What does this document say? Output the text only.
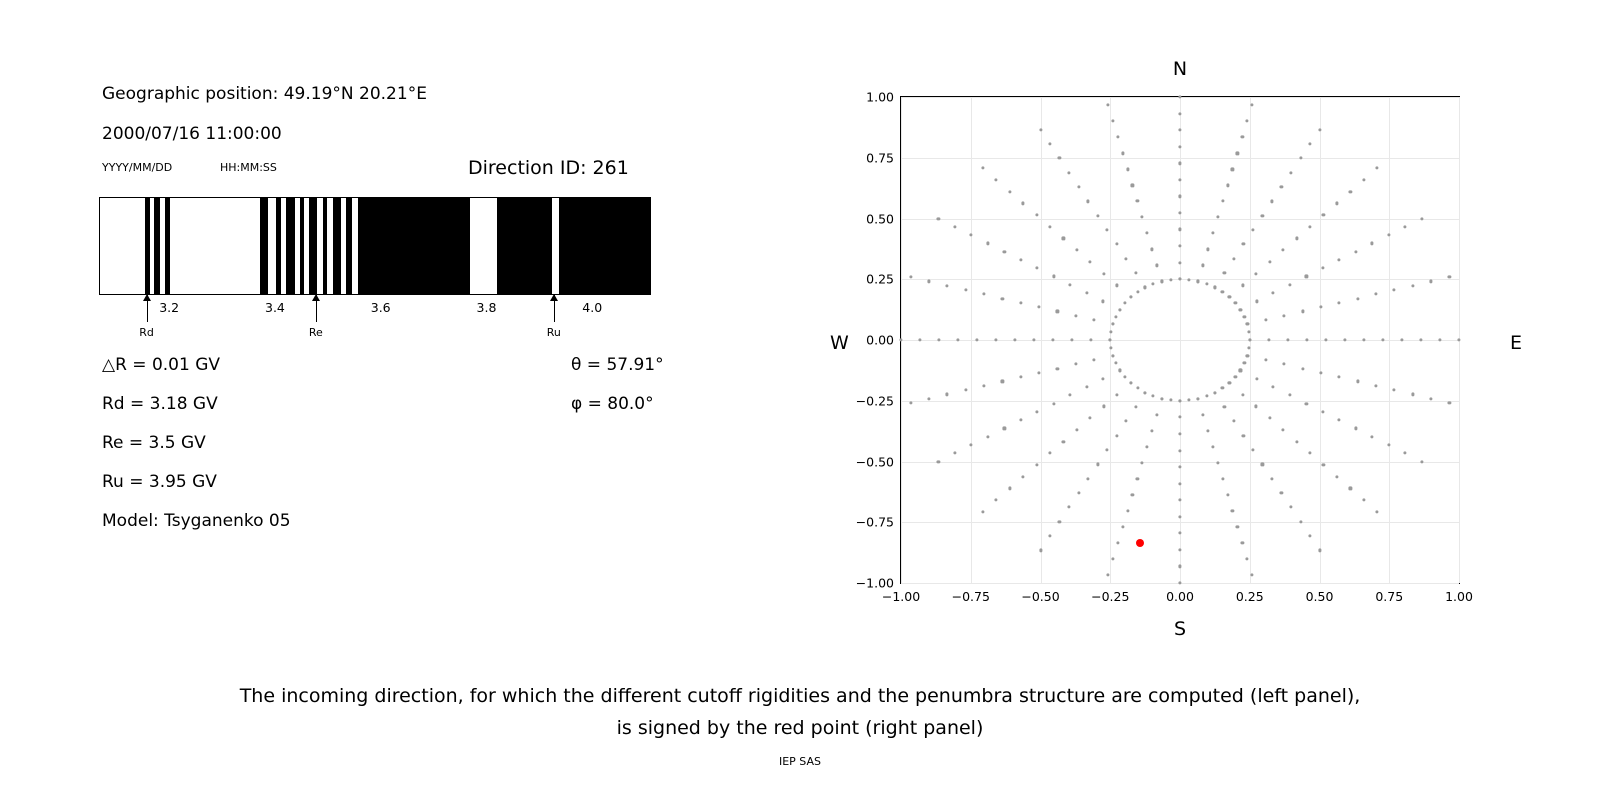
Geographic position: 49.19°N 20.21°E
2000/07/16 11:00:00
YYYY/MM/DD	HH:MM:SS	Direction ID: 261
3.2	3.4	3.6	3.8	4.0
Rd	Re	Ru
△R = 0.01 GV
Rd = 3.18 GV
Re = 3.5 GV
Ru = 3.95 GV
Model: Tsyganenko 05
θ = 57.91°
φ = 80.0°
N
S
W	E
−1.00	−0.75	−0.50	−0.25	0.00	0.25	0.50	0.75	1.00
−1.00
−0.75
−0.50
−0.25
0.00
0.25
0.50
0.75
1.00
The incoming direction, for which the different cutoff rigidities and the penumbra structure are computed (left panel),
is signed by the red point (right panel)
IEP SAS
